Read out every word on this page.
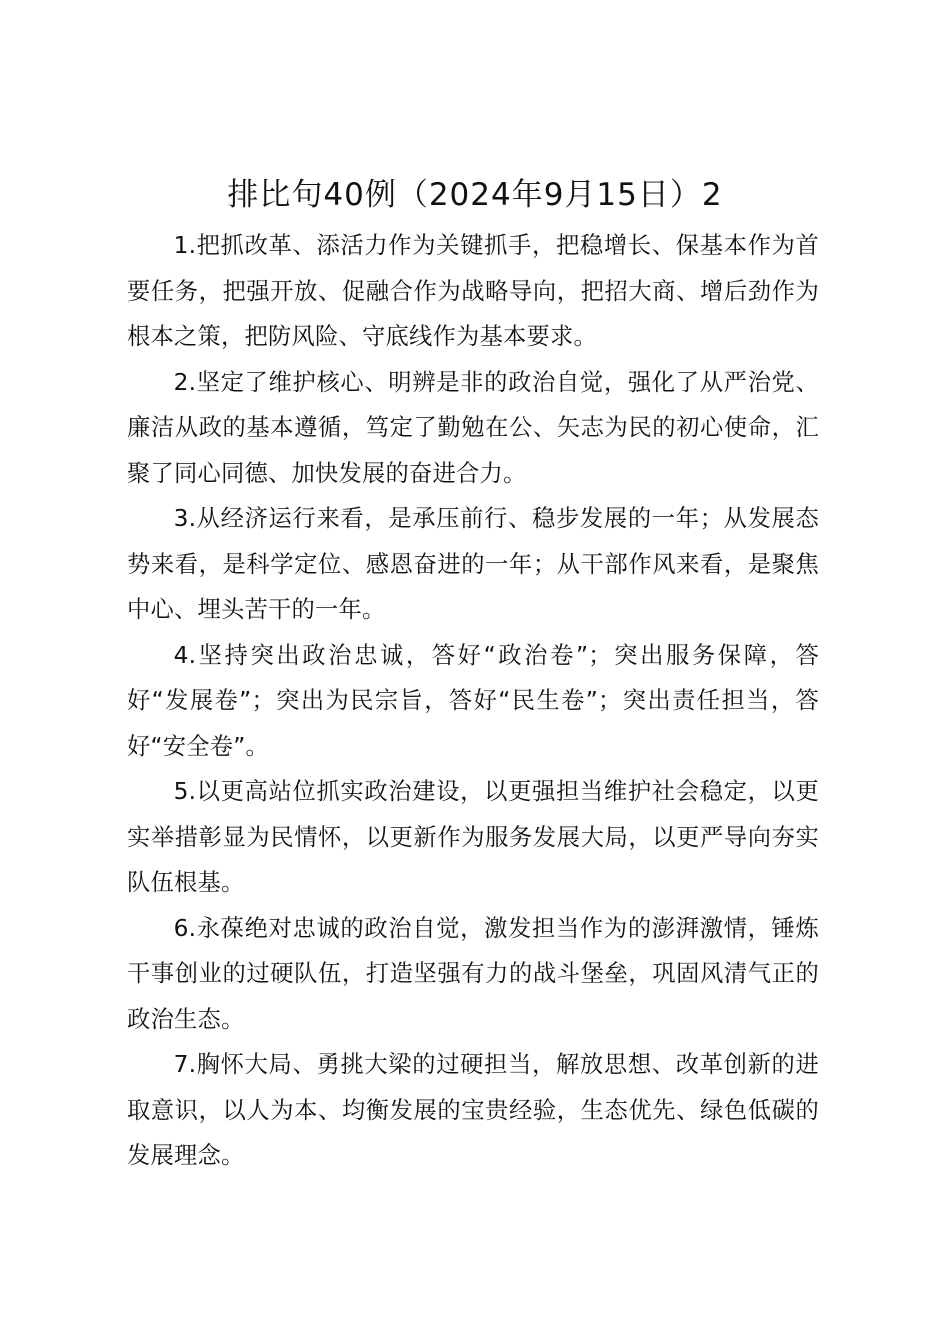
排比句40例（2024年9月15日）2

1.把抓改革、添活力作为关键抓手，把稳增长、保基本作为首要任务，把强开放、促融合作为战略导向，把招大商、增后劲作为根本之策，把防风险、守底线作为基本要求。

2.坚定了维护核心、明辨是非的政治自觉，强化了从严治党、廉洁从政的基本遵循，笃定了勤勉在公、矢志为民的初心使命，汇聚了同心同德、加快发展的奋进合力。

3.从经济运行来看，是承压前行、稳步发展的一年；从发展态势来看，是科学定位、感恩奋进的一年；从干部作风来看，是聚焦中心、埋头苦干的一年。

4.坚持突出政治忠诚，答好“政治卷”；突出服务保障，答好“发展卷”；突出为民宗旨，答好“民生卷”；突出责任担当，答好“安全卷”。

5.以更高站位抓实政治建设，以更强担当维护社会稳定，以更实举措彰显为民情怀，以更新作为服务发展大局，以更严导向夯实队伍根基。

6.永葆绝对忠诚的政治自觉，激发担当作为的澎湃激情，锤炼干事创业的过硬队伍，打造坚强有力的战斗堡垒，巩固风清气正的政治生态。

7.胸怀大局、勇挑大梁的过硬担当，解放思想、改革创新的进取意识，以人为本、均衡发展的宝贵经验，生态优先、绿色低碳的发展理念。
